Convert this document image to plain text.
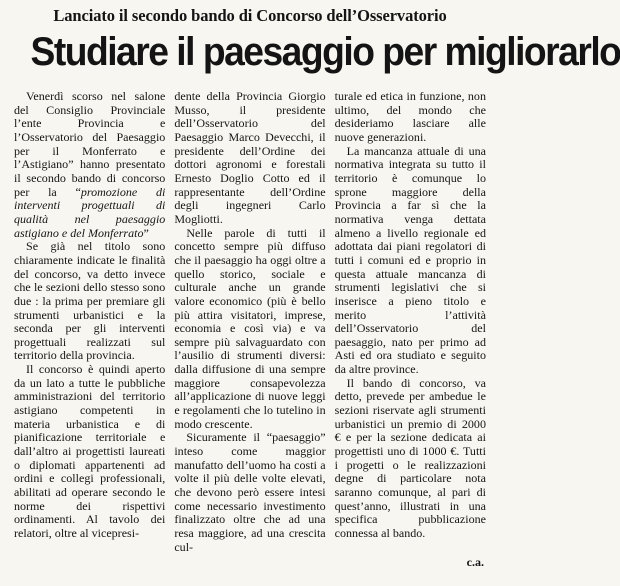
Lanciato il secondo bando di Concorso dell’Osservatorio
Studiare il paesaggio per migliorarlo

Venerdì scorso nel salone del Consiglio Provinciale l’ente Provincia e l’Osservatorio del Paesaggio per il Monferrato e l’Astigiano” hanno presentato il secondo bando di concorso per la “promozione di interventi progettuali di qualità nel paesaggio astigiano e del Monferrato”

Se già nel titolo sono chiaramente indicate le finalità del concorso, va detto invece che le sezioni dello stesso sono due : la prima per premiare gli strumenti urbanistici e la seconda per gli interventi progettuali realizzati sul territorio della provincia.

Il concorso è quindi aperto da un lato a tutte le pubbliche amministrazioni del territorio astigiano competenti in materia urbanistica e di pianificazione territoriale e dall’altro ai progettisti laureati o diplomati appartenenti ad ordini e collegi professionali, abilitati ad operare secondo le norme dei rispettivi ordinamenti. Al tavolo dei relatori, oltre al vicepresi-

dente della Provincia Giorgio Musso, il presidente dell’Osservatorio del Paesaggio Marco Devecchi, il presidente dell’Ordine dei dottori agronomi e forestali Ernesto Doglio Cotto ed il rappresentante dell’Ordine degli ingegneri Carlo Mogliotti.

Nelle parole di tutti il concetto sempre più diffuso che il paesaggio ha oggi oltre a quello storico, sociale e culturale anche un grande valore economico (più è bello più attira visitatori, imprese, economia e così via) e va sempre più salvaguardato con l’ausilio di strumenti diversi: dalla diffusione di una sempre maggiore consapevolezza all’applicazione di nuove leggi e regolamenti che lo tutelino in modo crescente.

Sicuramente il “paesaggio” inteso come maggior manufatto dell’uomo ha costi a volte il più delle volte elevati, che devono però essere intesi come necessario investimento finalizzato oltre che ad una resa maggiore, ad una crescita cul-

turale ed etica in funzione, non ultimo, del mondo che desideriamo lasciare alle nuove generazioni.

La mancanza attuale di una normativa integrata su tutto il territorio è comunque lo sprone maggiore della Provincia a far sì che la normativa venga dettata almeno a livello regionale ed adottata dai piani regolatori di tutti i comuni ed e proprio in questa attuale mancanza di strumenti legislativi che si inserisce a pieno titolo e merito l’attività dell’Osservatorio del paesaggio, nato per primo ad Asti ed ora studiato e seguito da altre province.

Il bando di concorso, va detto, prevede per ambedue le sezioni riservate agli strumenti urbanistici un premio di 2000 € e per la sezione dedicata ai progettisti uno di 1000 €. Tutti i progetti o le realizzazioni degne di particolare nota saranno comunque, al pari di quest’anno, illustrati in una specifica pubblicazione connessa al bando.

c.a.
